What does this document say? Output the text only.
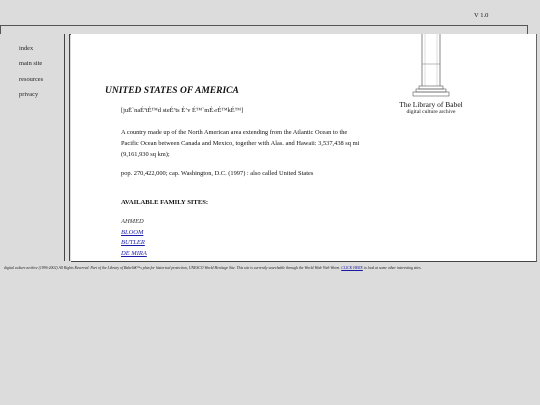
V 1.0
index
main site
resources
privacy
The Library of Babel
digital culture archive
UNITED STATES OF AMERICA
[juË`naÉªtÉ™d steÉªts É’v É™`mÉ›rÉ™kÉ™]
A country made up of the North American area extending from the Atlantic Ocean to the Pacific Ocean between Canada and Mexico, together with Alas. and Hawaii: 3,537,438 sq mi (9,161,930 sq km);
pop. 270,422,000; cap. Washington, D.C. (1997) : also called United States
AVAILABLE FAMILY SITES:
AHMED
BLOOM
BUTLER
DE MIRA
digital culture archive (1996-2002) All Rights Reserved. Part of the Library of Babelâ€™s plan for historical protection, UNESCO World Heritage Site. This site is currently searchable through the World Wide Web Worm. CLICK HERE to look at some other interesting sites.
